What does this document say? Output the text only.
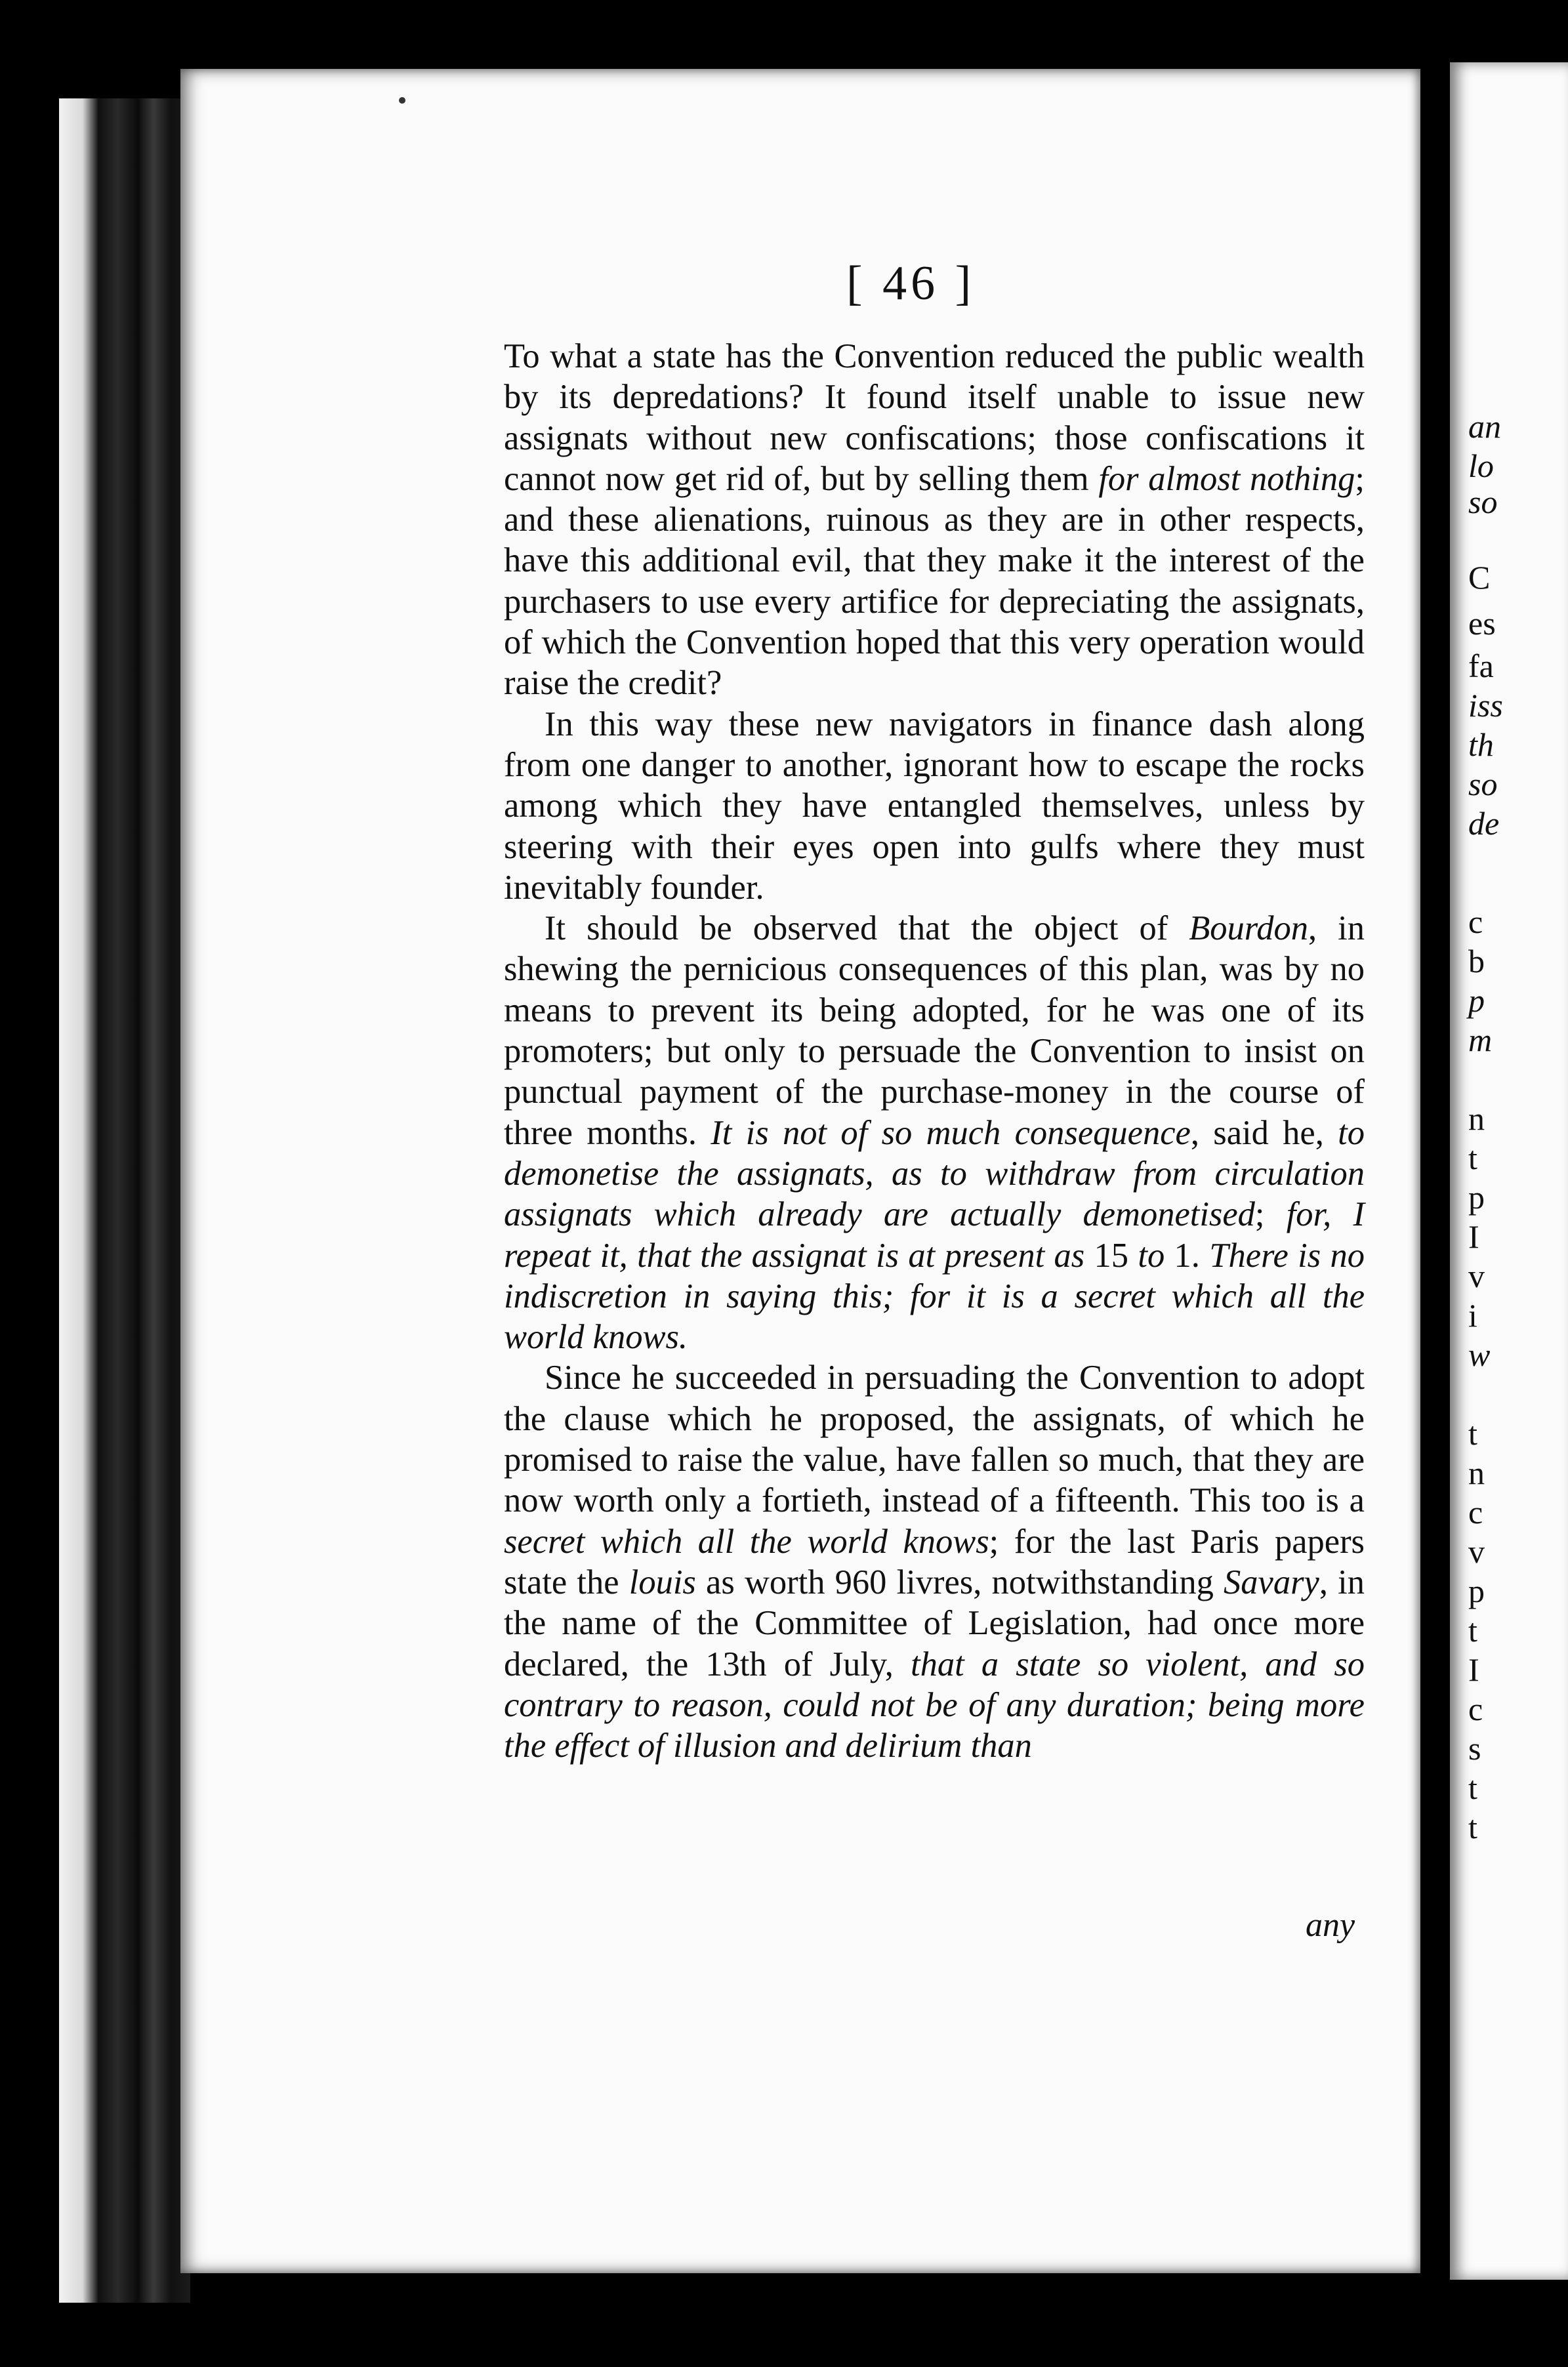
an
lo
so
C
es
fa
iss
th
so
de
c
b
p
m
n
t
p
I
v
i
w
t
n
c
v
p
t
I
c
s
t
t
[ 46 ]

To what a state has the Convention reduced the public wealth by its depredations? It found itself unable to issue new assignats without new confiscations; those confiscations it cannot now get rid of, but by selling them for almost nothing; and these alienations, ruinous as they are in other respects, have this additional evil, that they make it the interest of the purchasers to use every artifice for depreciating the assignats, of which the Convention hoped that this very operation would raise the credit?

In this way these new navigators in finance dash along from one danger to another, ignorant how to escape the rocks among which they have entangled themselves, unless by steering with their eyes open into gulfs where they must inevitably founder.

It should be observed that the object of Bourdon, in shewing the pernicious consequences of this plan, was by no means to prevent its being adopted, for he was one of its promoters; but only to persuade the Convention to insist on punctual payment of the purchase-money in the course of three months. It is not of so much consequence, said he, to demonetise the assignats, as to withdraw from circulation assignats which already are actually demonetised; for, I repeat it, that the assignat is at present as 15 to 1. There is no indiscretion in saying this; for it is a secret which all the world knows.

Since he succeeded in persuading the Convention to adopt the clause which he proposed, the assignats, of which he promised to raise the value, have fallen so much, that they are now worth only a fortieth, instead of a fifteenth. This too is a secret which all the world knows; for the last Paris papers state the louis as worth 960 livres, notwithstanding Savary, in the name of the Committee of Legislation, had once more declared, the 13th of July, that a state so violent, and so contrary to reason, could not be of any duration; being more the effect of illusion and delirium than

any
